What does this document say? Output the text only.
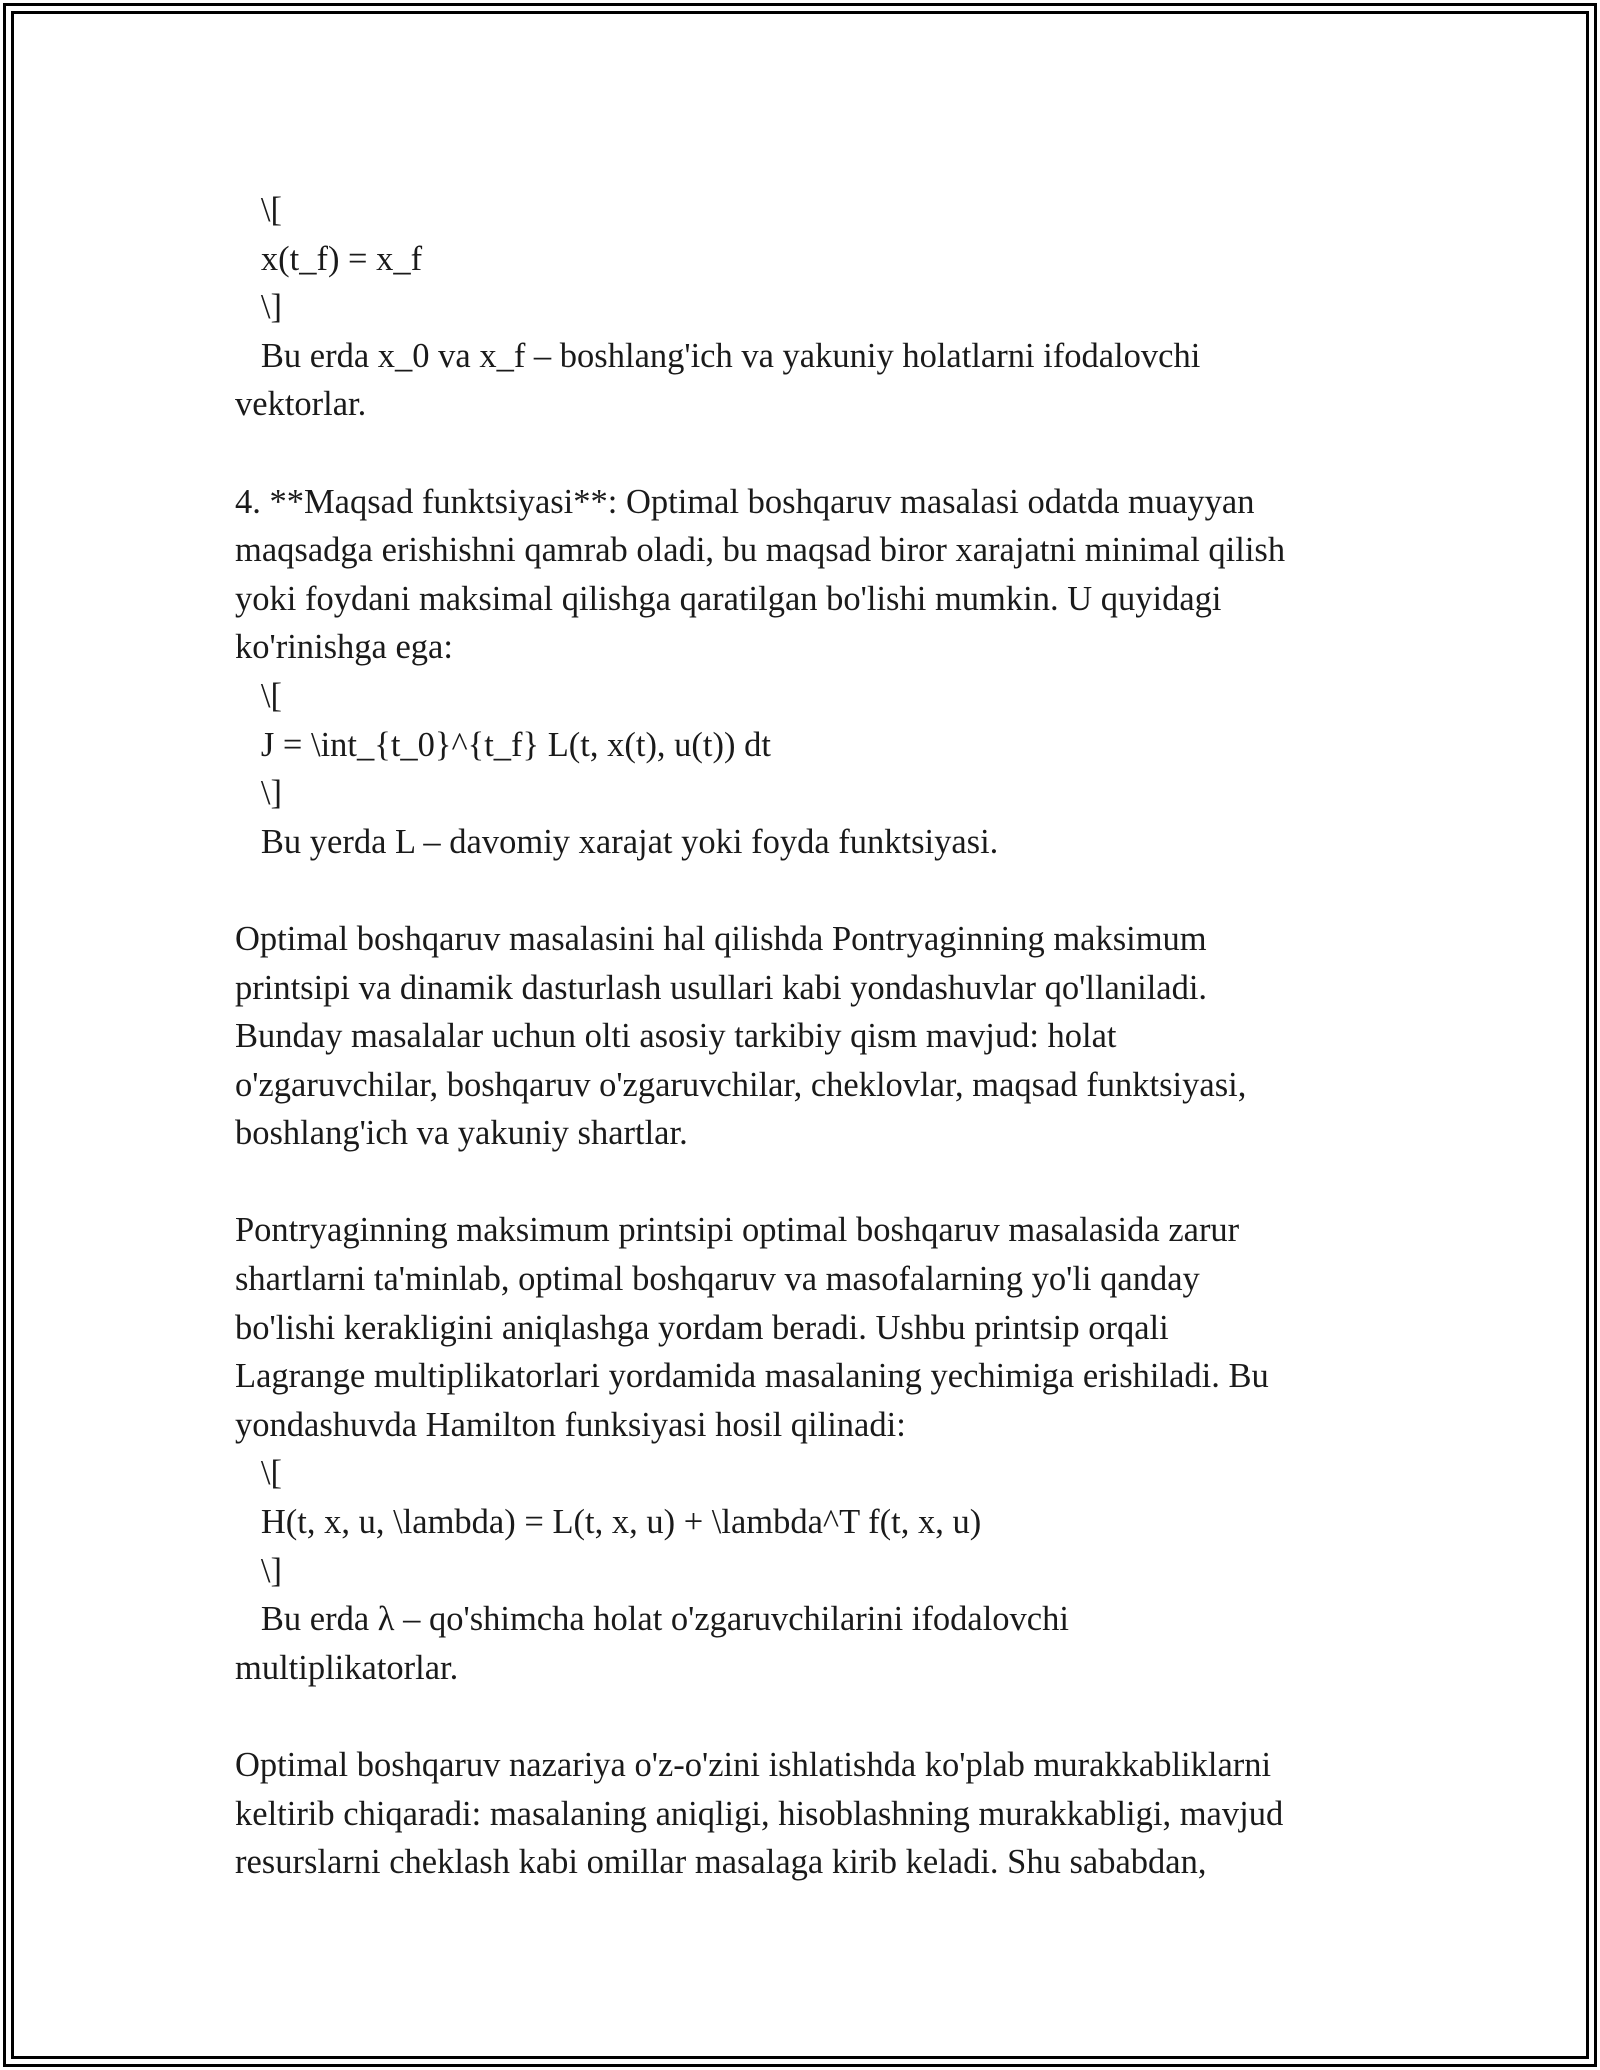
\[
x(t_f) = x_f
\]
Bu erda x_0 va x_f – boshlang'ich va yakuniy holatlarni ifodalovchi
vektorlar.
4. **Maqsad funktsiyasi**: Optimal boshqaruv masalasi odatda muayyan
maqsadga erishishni qamrab oladi, bu maqsad biror xarajatni minimal qilish
yoki foydani maksimal qilishga qaratilgan bo'lishi mumkin. U quyidagi
ko'rinishga ega:
\[
J = \int_{t_0}^{t_f} L(t, x(t), u(t)) dt
\]
Bu yerda L – davomiy xarajat yoki foyda funktsiyasi.
Optimal boshqaruv masalasini hal qilishda Pontryaginning maksimum
printsipi va dinamik dasturlash usullari kabi yondashuvlar qo'llaniladi.
Bunday masalalar uchun olti asosiy tarkibiy qism mavjud: holat
o'zgaruvchilar, boshqaruv o'zgaruvchilar, cheklovlar, maqsad funktsiyasi,
boshlang'ich va yakuniy shartlar.
Pontryaginning maksimum printsipi optimal boshqaruv masalasida zarur
shartlarni ta'minlab, optimal boshqaruv va masofalarning yo'li qanday
bo'lishi kerakligini aniqlashga yordam beradi. Ushbu printsip orqali
Lagrange multiplikatorlari yordamida masalaning yechimiga erishiladi. Bu
yondashuvda Hamilton funksiyasi hosil qilinadi:
\[
H(t, x, u, \lambda) = L(t, x, u) + \lambda^T f(t, x, u)
\]
Bu erda λ – qo'shimcha holat o'zgaruvchilarini ifodalovchi
multiplikatorlar.
Optimal boshqaruv nazariya o'z-o'zini ishlatishda ko'plab murakkabliklarni
keltirib chiqaradi: masalaning aniqligi, hisoblashning murakkabligi, mavjud
resurslarni cheklash kabi omillar masalaga kirib keladi. Shu sababdan,
